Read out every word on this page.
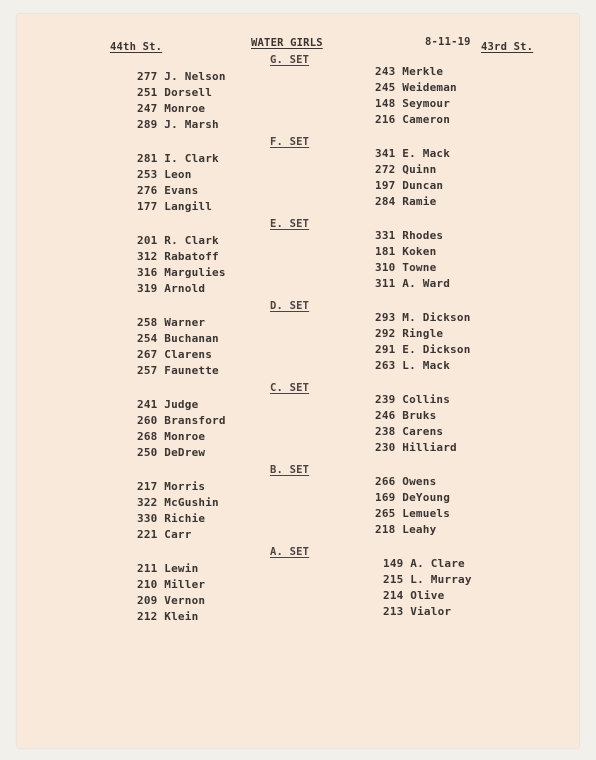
44th St.	WATER GIRLS	8-11-19 43rd St.
G. SET
277 J. Nelson
251 Dorsell
247 Monroe
289 J. Marsh
243 Merkle
245 Weideman
148 Seymour
216 Cameron
F. SET
281 I. Clark
253 Leon
276 Evans
177 Langill
341 E. Mack
272 Quinn
197 Duncan
284 Ramie
E. SET
201 R. Clark
312 Rabatoff
316 Margulies
319 Arnold
331 Rhodes
181 Koken
310 Towne
311 A. Ward
D. SET
258 Warner
254 Buchanan
267 Clarens
257 Faunette
293 M. Dickson
292 Ringle
291 E. Dickson
263 L. Mack
C. SET
241 Judge
260 Bransford
268 Monroe
250 DeDrew
239 Collins
246 Bruks
238 Carens
230 Hilliard
B. SET
217 Morris
322 McGushin
330 Richie
221 Carr
266 Owens
169 DeYoung
265 Lemuels
218 Leahy
A. SET
211 Lewin
210 Miller
209 Vernon
212 Klein
149 A. Clare
215 L. Murray
214 Olive
213 Vialor
